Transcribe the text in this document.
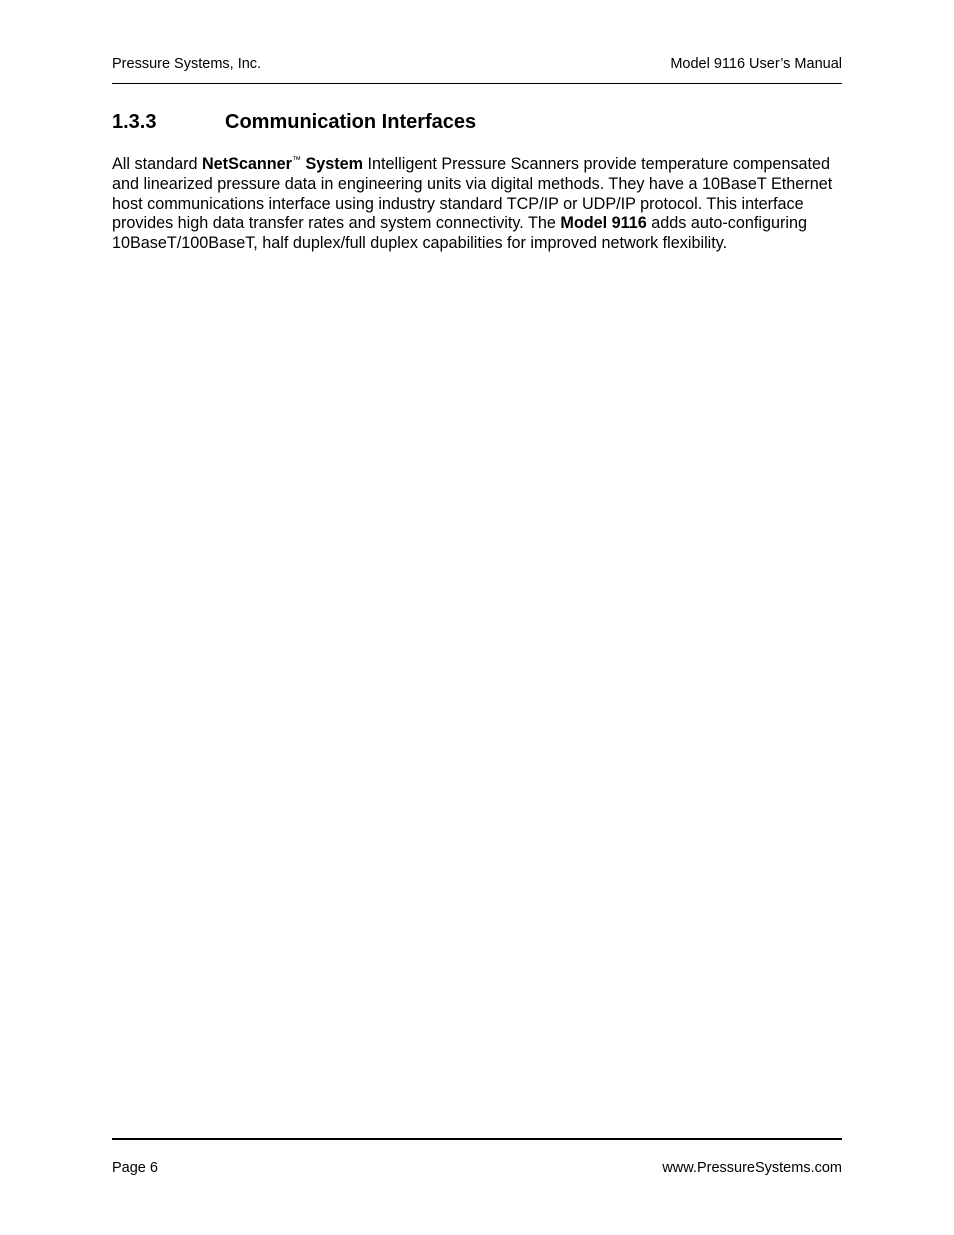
Pressure Systems, Inc.	Model 9116 User’s Manual
1.3.3	Communication Interfaces

All standard NetScanner™ System Intelligent Pressure Scanners provide temperature compensated and linearized pressure data in engineering units via digital methods. They have a 10BaseT Ethernet host communications interface using industry standard TCP/IP or UDP/IP protocol. This interface provides high data transfer rates and system connectivity. The Model 9116 adds auto-configuring 10BaseT/100BaseT, half duplex/full duplex capabilities for improved network flexibility.

Page 6	www.PressureSystems.com
